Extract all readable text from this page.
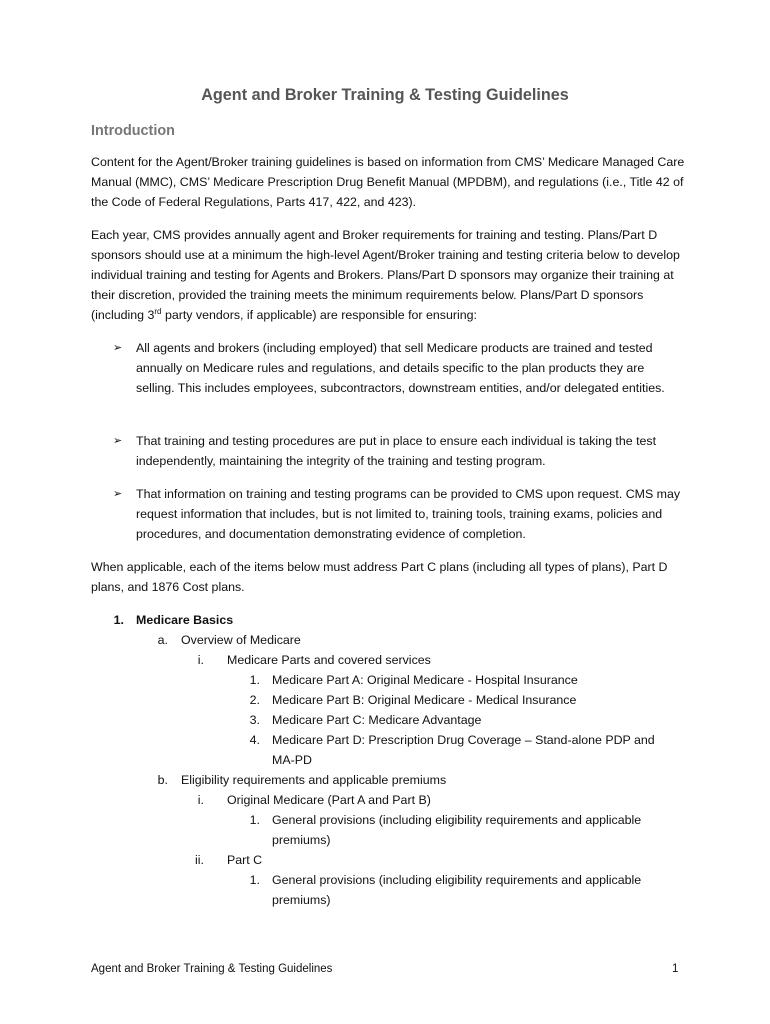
Agent and Broker Training & Testing Guidelines
Introduction

Content for the Agent/Broker training guidelines is based on information from CMS’ Medicare Managed Care Manual (MMC), CMS’ Medicare Prescription Drug Benefit Manual (MPDBM), and regulations (i.e., Title 42 of the Code of Federal Regulations, Parts 417, 422, and 423).

Each year, CMS provides annually agent and Broker requirements for training and testing. Plans/Part D sponsors should use at a minimum the high-level Agent/Broker training and testing criteria below to develop individual training and testing for Agents and Brokers. Plans/Part D sponsors may organize their training at their discretion, provided the training meets the minimum requirements below. Plans/Part D sponsors (including 3rd party vendors, if applicable) are responsible for ensuring:

➢	All agents and brokers (including employed) that sell Medicare products are trained and tested annually on Medicare rules and regulations, and details specific to the plan products they are selling. This includes employees, subcontractors, downstream entities, and/or delegated entities.
➢	That training and testing procedures are put in place to ensure each individual is taking the test independently, maintaining the integrity of the training and testing program.
➢	That information on training and testing programs can be provided to CMS upon request. CMS may request information that includes, but is not limited to, training tools, training exams, policies and procedures, and documentation demonstrating evidence of completion.

When applicable, each of the items below must address Part C plans (including all types of plans), Part D plans, and 1876 Cost plans.

1. Medicare Basics
a. Overview of Medicare
i. Medicare Parts and covered services
1. Medicare Part A: Original Medicare - Hospital Insurance
2. Medicare Part B: Original Medicare - Medical Insurance
3. Medicare Part C: Medicare Advantage
4. Medicare Part D: Prescription Drug Coverage – Stand-alone PDP and
MA-PD
b. Eligibility requirements and applicable premiums
i. Original Medicare (Part A and Part B)
1. General provisions (including eligibility requirements and applicable
premiums)
ii. Part C
1. General provisions (including eligibility requirements and applicable
premiums)
Agent and Broker Training & Testing Guidelines	1
